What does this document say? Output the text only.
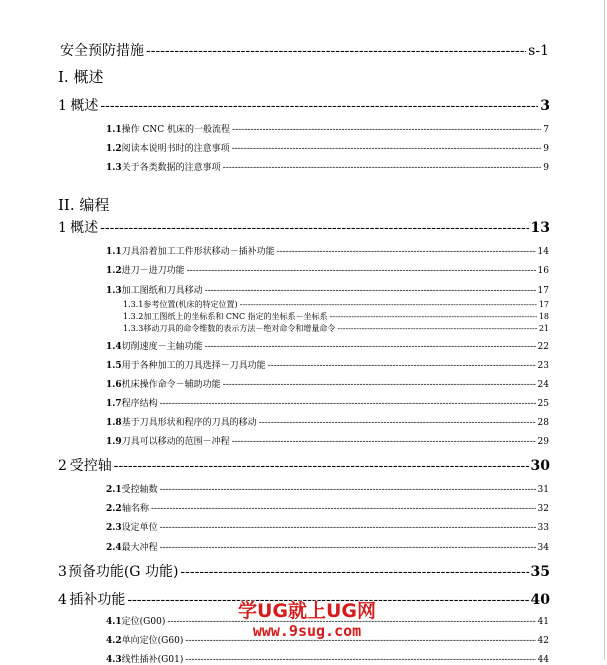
安全预防措施 -----	s-1
I. 概述
1 概述 -----	3
1.1 操作 CNC 机床的一般流程 -----	7
1.2 阅读本说明书时的注意事项 -----	9
1.3 关于各类数据的注意事项 -----	9
II. 编程
1 概述 -----	13
1.1 刀具沿着加工工件形状移动－插补功能 -----	14
1.2 进刀－进刀功能 -----	16
1.3 加工图纸和刀具移动 -----	17
1.3.1 参考位置(机床的特定位置) -----	17
1.3.2 加工图纸上的坐标系和 CNC 指定的坐标系－坐标系 -----	18
1.3.3 移动刀具的命令维数的表示方法－绝对命令和增量命令 -----	21
1.4 切削速度－主轴功能 -----	22
1.5 用于各种加工的刀具选择－刀具功能 -----	23
1.6 机床操作命令－辅助功能 -----	24
1.7 程序结构 -----	25
1.8 基于刀具形状和程序的刀具的移动 -----	28
1.9 刀具可以移动的范围－冲程 -----	29
2 受控轴 -----	30
2.1 受控轴数 -----	31
2.2 轴名称 -----	32
2.3 设定单位 -----	33
2.4 最大冲程 -----	34
3 预备功能(G 功能) -----	35
4 插补功能 -----	40
4.1 定位(G00) -----	41
4.2 单向定位(G60) -----	42
4.3 线性插补(G01) -----	44
学UG就上UG网
www.9sug.com
